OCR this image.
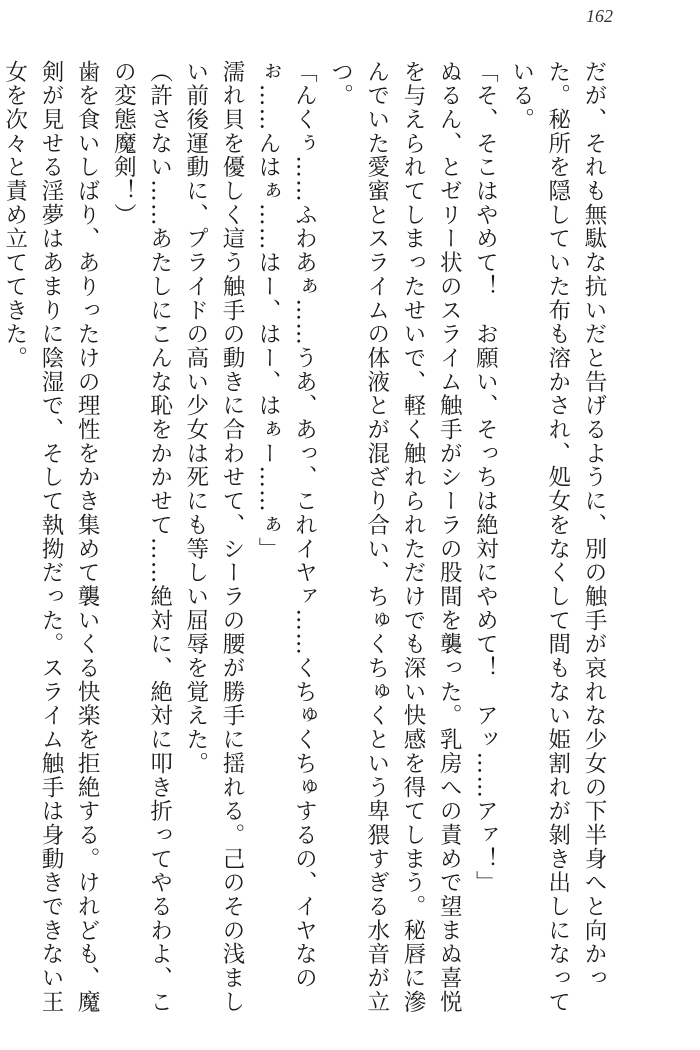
162

だが、それも無駄な抗いだと告げるように、別の触手が哀れな少女の下半身へと向かった。秘所を隠していた布も溶かされ、処女をなくして間もない姫割れが剝き出しになっている。

「そ、そこはやめて！　お願い、そっちは絶対にやめて！　アッ……アァ！」

ぬるん、とゼリー状のスライム触手がシーラの股間を襲った。乳房への責めで望まぬ喜悦を与えられてしまったせいで、軽く触れられただけでも深い快感を得てしまう。秘唇に滲んでいた愛蜜とスライムの体液とが混ざり合い、ちゅくちゅくという卑猥すぎる水音が立つ。

「んくぅ……ふわあぁ……うあ、あっ、これイヤァ……くちゅくちゅするの、イヤなのぉ……んはぁ……はー、はー、はぁー……ぁ」

濡れ貝を優しく這う触手の動きに合わせて、シーラの腰が勝手に揺れる。己のその浅ましい前後運動に、プライドの高い少女は死にも等しい屈辱を覚えた。

（許さない……あたしにこんな恥をかかせて……絶対に、絶対に叩き折ってやるわよ、この変態魔剣！）

歯を食いしばり、ありったけの理性をかき集めて襲いくる快楽を拒絶する。けれども、魔剣が見せる淫夢はあまりに陰湿で、そして執拗だった。スライム触手は身動きできない王女を次々と責め立ててきた。
